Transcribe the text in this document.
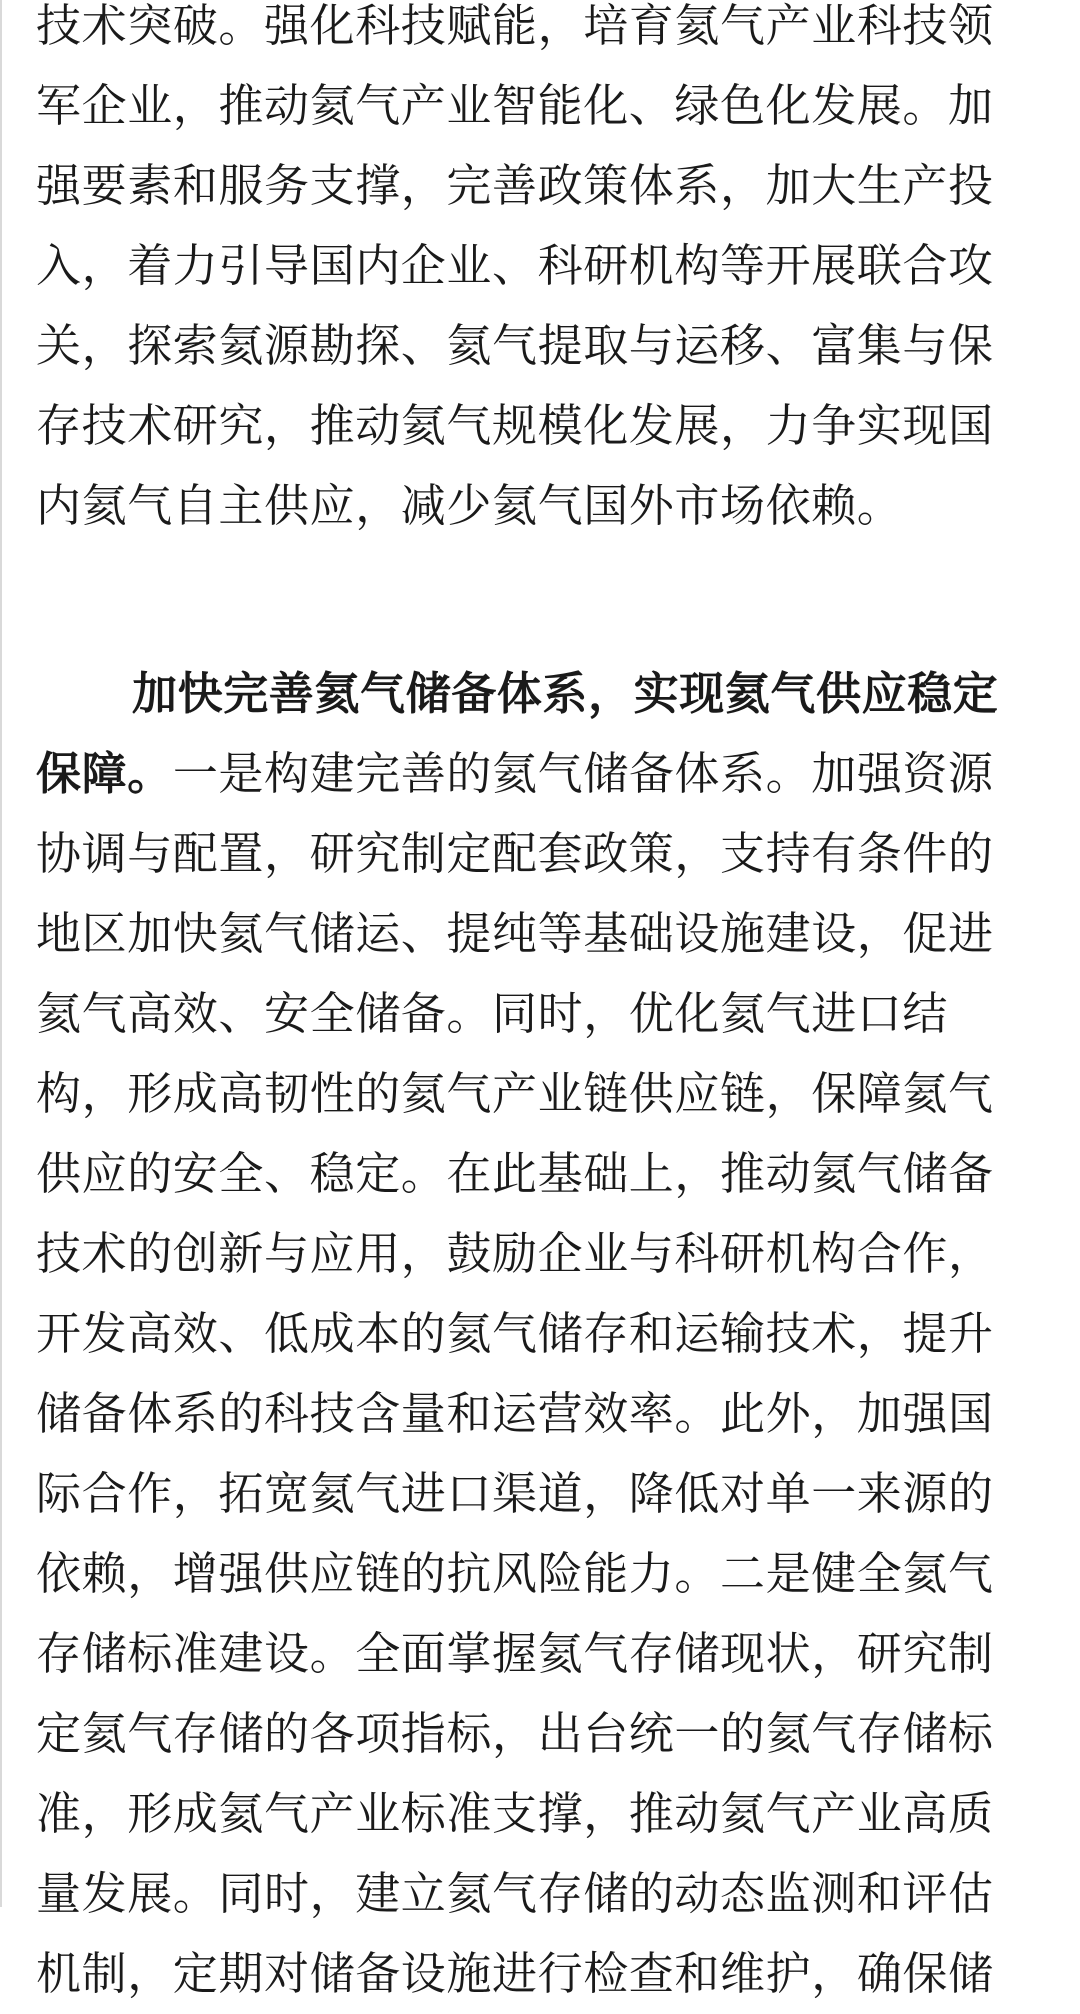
技术突破。强化科技赋能，培育氦气产业科技领
军企业，推动氦气产业智能化、绿色化发展。加
强要素和服务支撑，完善政策体系，加大生产投
入，着力引导国内企业、科研机构等开展联合攻
关，探索氦源勘探、氦气提取与运移、富集与保
存技术研究，推动氦气规模化发展，力争实现国
内氦气自主供应，减少氦气国外市场依赖。
加快完善氦气储备体系，实现氦气供应稳定
保障。一是构建完善的氦气储备体系。加强资源
协调与配置，研究制定配套政策，支持有条件的
地区加快氦气储运、提纯等基础设施建设，促进
氦气高效、安全储备。同时，优化氦气进口结
构，形成高韧性的氦气产业链供应链，保障氦气
供应的安全、稳定。在此基础上，推动氦气储备
技术的创新与应用，鼓励企业与科研机构合作，
开发高效、低成本的氦气储存和运输技术，提升
储备体系的科技含量和运营效率。此外，加强国
际合作，拓宽氦气进口渠道，降低对单一来源的
依赖，增强供应链的抗风险能力。二是健全氦气
存储标准建设。全面掌握氦气存储现状，研究制
定氦气存储的各项指标，出台统一的氦气存储标
准，形成氦气产业标准支撑，推动氦气产业高质
量发展。同时，建立氦气存储的动态监测和评估
机制，定期对储备设施进行检查和维护，确保储
